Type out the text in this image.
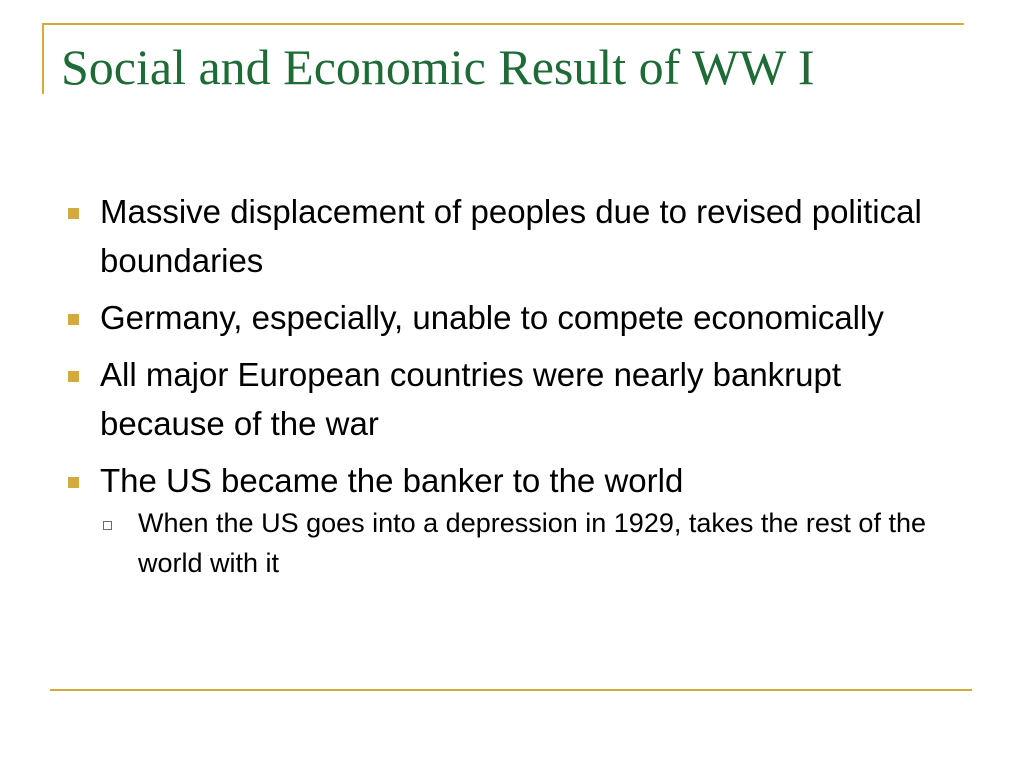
Social and Economic Result of WW I
Massive displacement of peoples due to revised political boundaries
Germany, especially, unable to compete economically
All major European countries were nearly bankrupt because of the war
The US became the banker to the world
When the US goes into a depression in 1929, takes the rest of the world with it
